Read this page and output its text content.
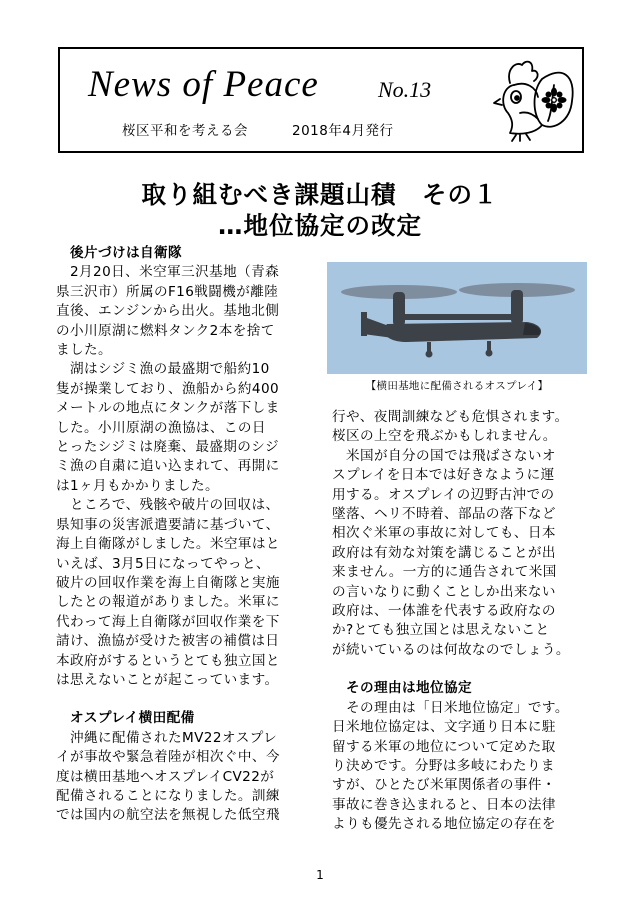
News of Peace	No.13
桜区平和を考える会	2018年4月発行
取り組むべき課題山積　その１
…地位協定の改定

後片づけは自衛隊

2月20日、米空軍三沢基地（青森
県三沢市）所属のF16戦闘機が離陸
直後、エンジンから出火。基地北側
の小川原湖に燃料タンク2本を捨て
ました。

湖はシジミ漁の最盛期で船約10
隻が操業しており、漁船から約400
メートルの地点にタンクが落下しま
した。小川原湖の漁協は、この日
とったシジミは廃棄、最盛期のシジ
ミ漁の自粛に追い込まれて、再開に
は1ヶ月もかかりました。

ところで、残骸や破片の回収は、
県知事の災害派遣要請に基づいて、
海上自衛隊がしました。米空軍はと
いえば、3月5日になってやっと、
破片の回収作業を海上自衛隊と実施
したとの報道がありました。米軍に
代わって海上自衛隊が回収作業を下
請け、漁協が受けた被害の補償は日
本政府がするというとても独立国と
は思えないことが起こっています。

オスプレイ横田配備

沖縄に配備されたMV22オスプレ
イが事故や緊急着陸が相次ぐ中、今
度は横田基地へオスプレイCV22が
配備されることになりました。訓練
では国内の航空法を無視した低空飛

【横田基地に配備されるオスプレイ】

行や、夜間訓練なども危惧されます。
桜区の上空を飛ぶかもしれません。

米国が自分の国では飛ばさないオ
スプレイを日本では好きなように運
用する。オスプレイの辺野古沖での
墜落、ヘリ不時着、部品の落下など
相次ぐ米軍の事故に対しても、日本
政府は有効な対策を講じることが出
来ません。一方的に通告されて米国
の言いなりに動くことしか出来ない
政府は、一体誰を代表する政府なの
か?とても独立国とは思えないこと
が続いているのは何故なのでしょう。

その理由は地位協定

その理由は「日米地位協定」です。
日米地位協定は、文字通り日本に駐
留する米軍の地位について定めた取
り決めです。分野は多岐にわたりま
すが、ひとたび米軍関係者の事件・
事故に巻き込まれると、日本の法律
よりも優先される地位協定の存在を

1
